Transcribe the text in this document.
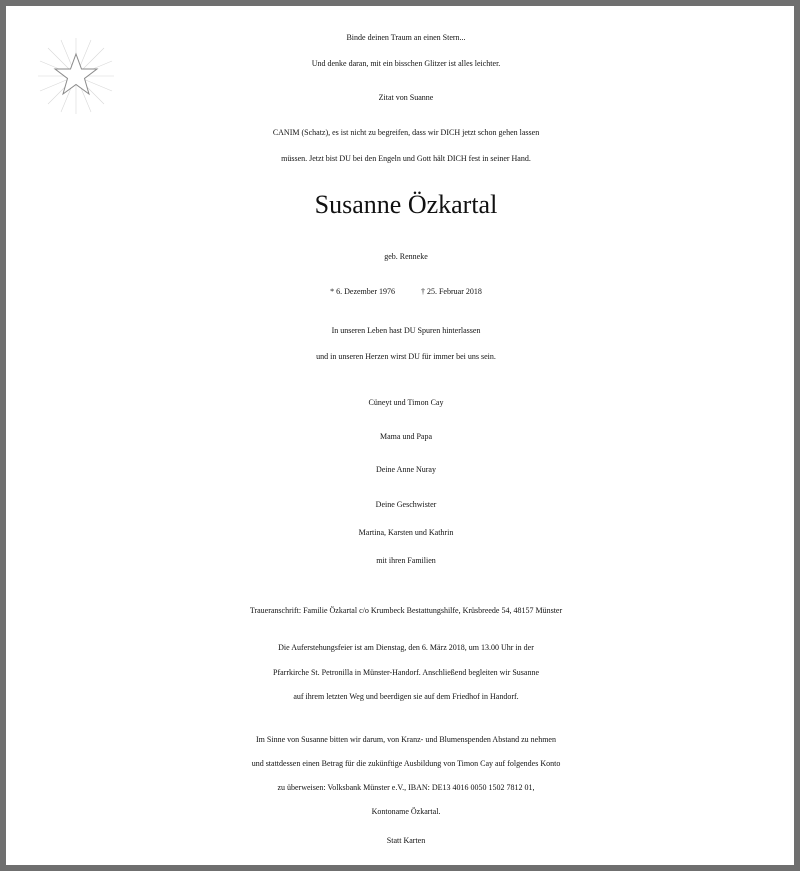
Binde deinen Traum an einen Stern...
Und denke daran, mit ein bisschen Glitzer ist alles leichter.
Zitat von Suanne
CANIM (Schatz), es ist nicht zu begreifen, dass wir DICH jetzt schon gehen lassen
müssen. Jetzt bist DU bei den Engeln und Gott hält DICH fest in seiner Hand.
Susanne Özkartal
geb. Renneke
* 6. Dezember 1976	† 25. Februar 2018
In unseren Leben hast DU Spuren hinterlassen
und in unseren Herzen wirst DU für immer bei uns sein.
Cüneyt und Timon Cay
Mama und Papa
Deine Anne Nuray
Deine Geschwister
Martina, Karsten und Kathrin
mit ihren Familien
Traueranschrift: Familie Özkartal c/o Krumbeck Bestattungshilfe, Krüsbreede 54, 48157 Münster
Die Auferstehungsfeier ist am Dienstag, den 6. März 2018, um 13.00 Uhr in der
Pfarrkirche St. Petronilla in Münster-Handorf. Anschließend begleiten wir Susanne
auf ihrem letzten Weg und beerdigen sie auf dem Friedhof in Handorf.
Im Sinne von Susanne bitten wir darum, von Kranz- und Blumenspenden Abstand zu nehmen
und stattdessen einen Betrag für die zukünftige Ausbildung von Timon Cay auf folgendes Konto
zu überweisen: Volksbank Münster e.V., IBAN: DE13 4016 0050 1502 7812 01,
Kontoname Özkartal.
Statt Karten
